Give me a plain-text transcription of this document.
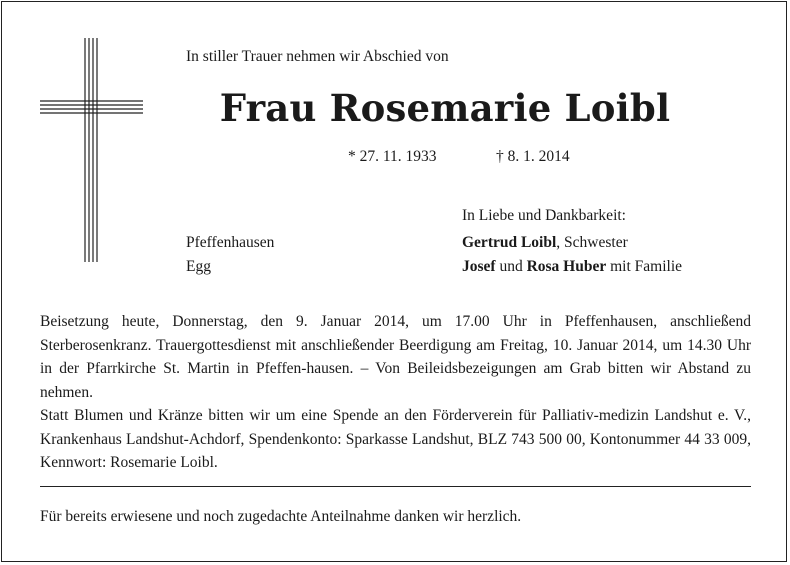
In stiller Trauer nehmen wir Abschied von
Frau Rosemarie Loibl
* 27. 11. 1933	† 8. 1. 2014
In Liebe und Dankbarkeit:
Pfeffenhausen
Egg
Gertrud Loibl, Schwester
Josef und Rosa Huber mit Familie
Beisetzung heute, Donnerstag, den 9. Januar 2014, um 17.00 Uhr in Pfeffenhausen, anschließend Sterberosenkranz. Trauergottesdienst mit anschließender Beerdigung am Freitag, 10. Januar 2014, um 14.30 Uhr in der Pfarrkirche St. Martin in Pfeffen-hausen. – Von Beileidsbezeigungen am Grab bitten wir Abstand zu nehmen.
Statt Blumen und Kränze bitten wir um eine Spende an den Förderverein für Palliativ-medizin Landshut e. V., Krankenhaus Landshut-Achdorf, Spendenkonto: Sparkasse Landshut, BLZ 743 500 00, Kontonummer 44 33 009, Kennwort: Rosemarie Loibl.
Für bereits erwiesene und noch zugedachte Anteilnahme danken wir herzlich.
